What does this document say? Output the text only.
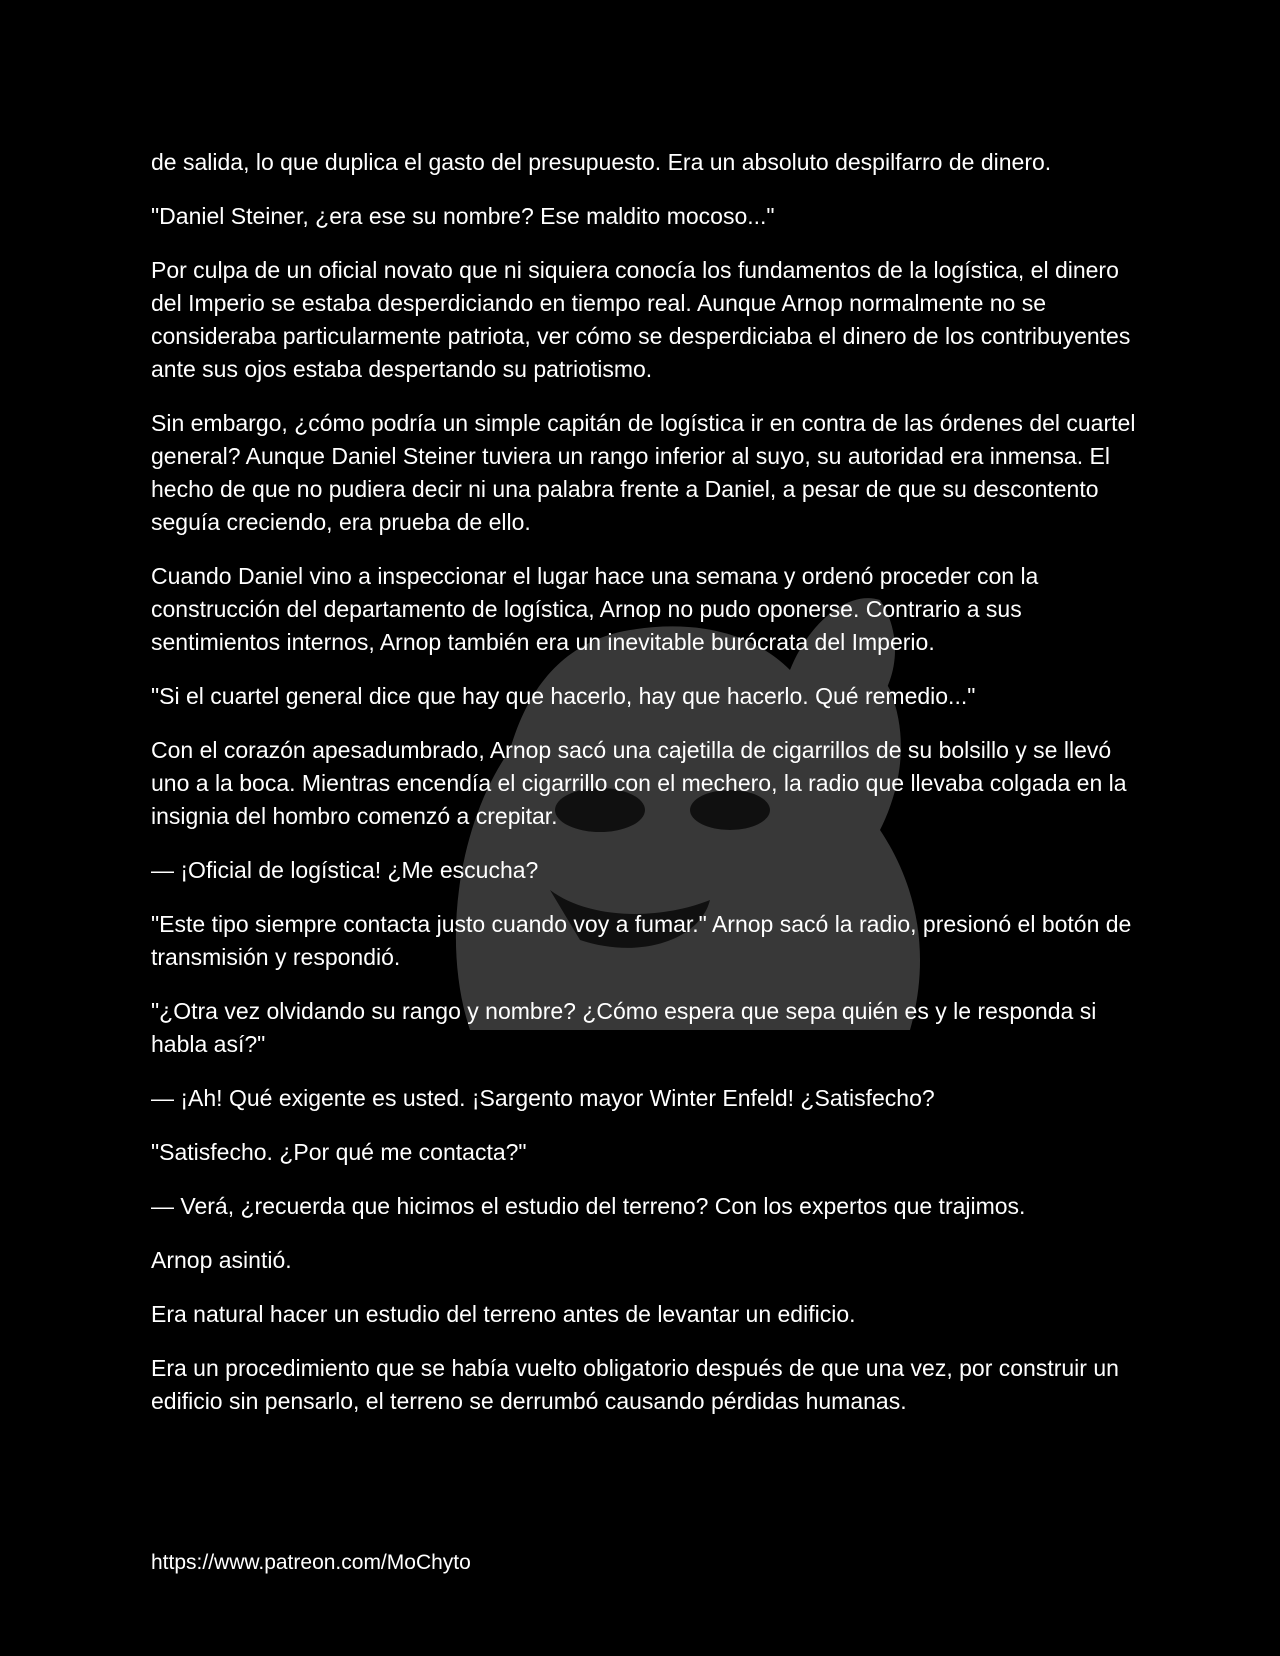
de salida, lo que duplica el gasto del presupuesto. Era un absoluto despilfarro de dinero.

"Daniel Steiner, ¿era ese su nombre? Ese maldito mocoso..."

Por culpa de un oficial novato que ni siquiera conocía los fundamentos de la logística, el dinero del Imperio se estaba desperdiciando en tiempo real. Aunque Arnop normalmente no se consideraba particularmente patriota, ver cómo se desperdiciaba el dinero de los contribuyentes ante sus ojos estaba despertando su patriotismo.

Sin embargo, ¿cómo podría un simple capitán de logística ir en contra de las órdenes del cuartel general? Aunque Daniel Steiner tuviera un rango inferior al suyo, su autoridad era inmensa. El hecho de que no pudiera decir ni una palabra frente a Daniel, a pesar de que su descontento seguía creciendo, era prueba de ello.

Cuando Daniel vino a inspeccionar el lugar hace una semana y ordenó proceder con la construcción del departamento de logística, Arnop no pudo oponerse. Contrario a sus sentimientos internos, Arnop también era un inevitable burócrata del Imperio.

"Si el cuartel general dice que hay que hacerlo, hay que hacerlo. Qué remedio..."

Con el corazón apesadumbrado, Arnop sacó una cajetilla de cigarrillos de su bolsillo y se llevó uno a la boca. Mientras encendía el cigarrillo con el mechero, la radio que llevaba colgada en la insignia del hombro comenzó a crepitar.

— ¡Oficial de logística! ¿Me escucha?

"Este tipo siempre contacta justo cuando voy a fumar." Arnop sacó la radio, presionó el botón de transmisión y respondió.

"¿Otra vez olvidando su rango y nombre? ¿Cómo espera que sepa quién es y le responda si habla así?"

— ¡Ah! Qué exigente es usted. ¡Sargento mayor Winter Enfeld! ¿Satisfecho?

"Satisfecho. ¿Por qué me contacta?"

— Verá, ¿recuerda que hicimos el estudio del terreno? Con los expertos que trajimos.

Arnop asintió.

Era natural hacer un estudio del terreno antes de levantar un edificio.

Era un procedimiento que se había vuelto obligatorio después de que una vez, por construir un edificio sin pensarlo, el terreno se derrumbó causando pérdidas humanas.

https://www.patreon.com/MoChyto
